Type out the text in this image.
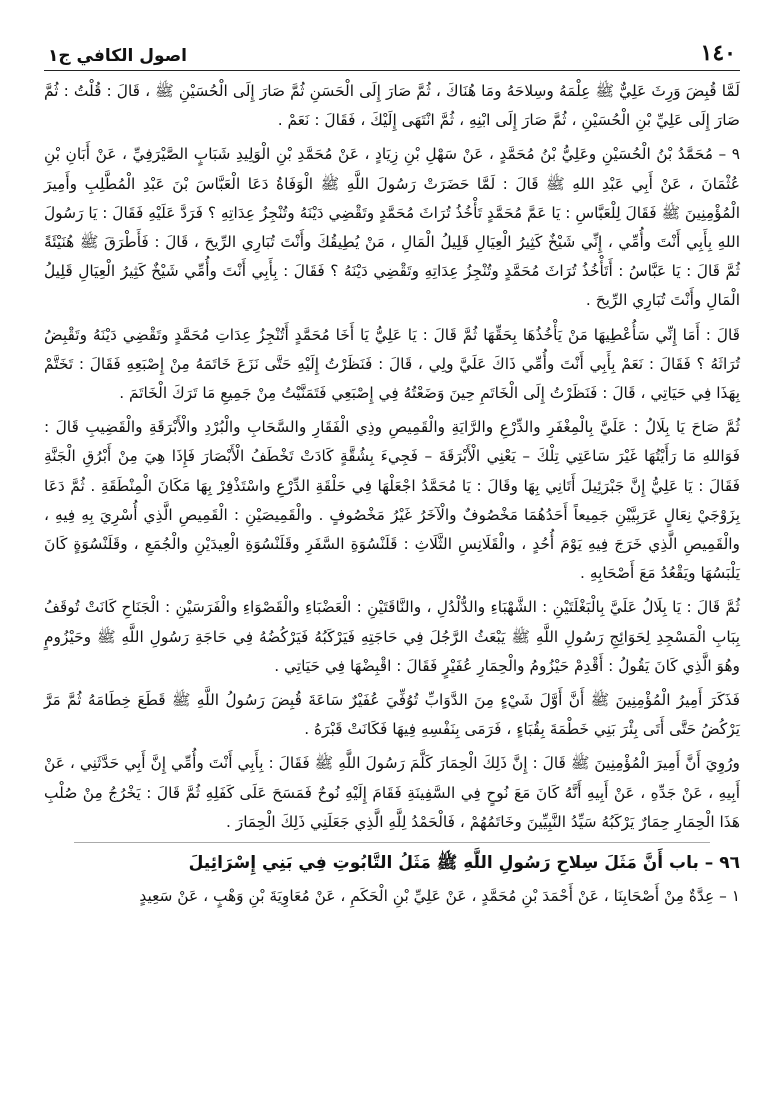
١٤٠
اصول الكافي ج١

لَمَّا قُبِضَ وَرِثَ عَلِيٌّ ﷺ عِلْمَهُ وسِلاحَهُ ومَا هُنَاكَ ، ثُمَّ صَارَ إِلَى الْحَسَنِ ثُمَّ صَارَ إِلَى الْحُسَيْنِ ﷺ ، قَالَ : قُلْتُ : ثُمَّ صَارَ إِلَى عَلِيِّ بْنِ الْحُسَيْنِ ، ثُمَّ صَارَ إِلَى ابْنِهِ ، ثُمَّ انْتَهَى إِلَيْكَ ، فَقَالَ : نَعَمْ .

٩ – مُحَمَّدُ بْنُ الْحُسَيْنِ وعَلِيُّ بْنُ مُحَمَّدٍ ، عَنْ سَهْلِ بْنِ زِيَادٍ ، عَنْ مُحَمَّدِ بْنِ الْوَلِيدِ شَبَابٍ الصَّيْرَفِيِّ ، عَنْ أَبَانِ بْنِ عُثْمَانَ ، عَنْ أَبِي عَبْدِ اللهِ ﷺ قَالَ : لَمَّا حَضَرَتْ رَسُولَ اللَّهِ ﷺ الْوَفَاةُ دَعَا الْعَبَّاسَ بْنَ عَبْدِ الْمُطَّلِبِ وأَمِيرَ الْمُؤْمِنِينَ ﷺ فَقَالَ لِلْعَبَّاسِ : يَا عَمَّ مُحَمَّدٍ تَأْخُذُ تُرَاثَ مُحَمَّدٍ وتَقْضِي دَيْنَهُ وتُنْجِزُ عِدَاتِهِ ؟ فَرَدَّ عَلَيْهِ فَقَالَ : يَا رَسُولَ اللهِ بِأَبِي أَنْتَ وأُمِّي ، إِنِّي شَيْخٌ كَثِيرُ الْعِيَالِ قَلِيلُ الْمَالِ ، مَنْ يُطِيقُكَ وأَنْتَ تُبَارِي الرِّيحَ ، قَالَ : فَأَطْرَقَ ﷺ هُنَيْئَةً ثُمَّ قَالَ : يَا عَبَّاسُ : أَتَأْخُذُ تُرَاثَ مُحَمَّدٍ وتُنْجِزُ عِدَاتِهِ وتَقْضِي دَيْنَهُ ؟ فَقَالَ : بِأَبِي أَنْتَ وأُمِّي شَيْخٌ كَثِيرُ الْعِيَالِ قَلِيلُ الْمَالِ وأَنْتَ تُبَارِي الرِّيحَ .

قَالَ : أَمَا إِنِّي سَأُعْطِيهَا مَنْ يَأْخُذُهَا بِحَقِّهَا ثُمَّ قَالَ : يَا عَلِيُّ يَا أَخَا مُحَمَّدٍ أَتُنْجِزُ عِدَاتِ مُحَمَّدٍ وتَقْضِي دَيْنَهُ وتَقْبِضُ تُرَاثَهُ ؟ فَقَالَ : نَعَمْ بِأَبِي أَنْتَ وأُمِّي ذَاكَ عَلَيَّ ولِي ، قَالَ : فَنَظَرْتُ إِلَيْهِ حَتَّى نَزَعَ خَاتَمَهُ مِنْ إِصْبَعِهِ فَقَالَ : تَخَتَّمْ بِهَذَا فِي حَيَاتِي ، قَالَ : فَنَظَرْتُ إِلَى الْخَاتَمِ حِينَ وَضَعْتُهُ فِي إِصْبَعِي فَتَمَنَّيْتُ مِنْ جَمِيعِ مَا تَرَكَ الْخَاتَمَ .

ثُمَّ صَاحَ يَا بِلَالُ : عَلَيَّ بِالْمِغْفَرِ والدِّرْعِ والرَّايَةِ والْقَمِيصِ وذِي الْفَقَارِ والسَّحَابِ والْبُرْدِ والْأَبْرَقَةِ والْقَضِيبِ قَالَ : فَوَاللهِ مَا رَأَيْتُهَا غَيْرَ سَاعَتِي تِلْكَ – يَعْنِي الْأَبْرَقَةَ – فَجِيءَ بِشُقَّةٍ كَادَتْ تَخْطَفُ الْأَبْصَارَ فَإِذَا هِيَ مِنْ أَبْرُقِ الْجَنَّةِ فَقَالَ : يَا عَلِيُّ إِنَّ جَبْرَئِيلَ أَتَانِي بِهَا وقَالَ : يَا مُحَمَّدُ اجْعَلْهَا فِي حَلْقَةِ الدِّرْعِ واسْتَذْفِرْ بِهَا مَكَانَ الْمِنْطَقَةِ . ثُمَّ دَعَا بِزَوْجَيْ نِعَالٍ عَرَبِيَّيْنِ جَمِيعاً أَحَدُهُمَا مَخْصُوفٌ والْآخَرُ غَيْرُ مَخْصُوفٍ . والْقَمِيصَيْنِ : الْقَمِيصِ الَّذِي أُسْرِيَ بِهِ فِيهِ ، والْقَمِيصِ الَّذِي خَرَجَ فِيهِ يَوْمَ أُحُدٍ ، والْقَلَانِسِ الثَّلَاثِ : قَلَنْسُوَةِ السَّفَرِ وقَلَنْسُوَةِ الْعِيدَيْنِ والْجُمَعِ ، وقَلَنْسُوَةٍ كَانَ يَلْبَسُهَا ويَقْعُدُ مَعَ أَصْحَابِهِ .

ثُمَّ قَالَ : يَا بِلَالُ عَلَيَّ بِالْبَغْلَتَيْنِ : الشَّهْبَاءِ والدُّلْدُلِ ، والنَّاقَتَيْنِ : الْعَضْبَاءِ والْقَصْوَاءِ والْفَرَسَيْنِ : الْجَنَاحِ كَانَتْ تُوقَفُ بِبَابِ الْمَسْجِدِ لِحَوَائِجِ رَسُولِ اللَّهِ ﷺ يَبْعَثُ الرَّجُلَ فِي حَاجَتِهِ فَيَرْكَبُهُ فَيَرْكُضُهُ فِي حَاجَةِ رَسُولِ اللَّهِ ﷺ وحَيْزُومٍ وهُوَ الَّذِي كَانَ يَقُولُ : أَقْدِمْ حَيْزُومُ والْحِمَارِ عُفَيْرٍ فَقَالَ : اقْبِضْهَا فِي حَيَاتِي .

فَذَكَرَ أَمِيرُ الْمُؤْمِنِينَ ﷺ أَنَّ أَوَّلَ شَيْءٍ مِنَ الدَّوَابِّ تُوُفِّيَ عُفَيْرٌ سَاعَةَ قُبِضَ رَسُولُ اللَّهِ ﷺ قَطَعَ خِطَامَهُ ثُمَّ مَرَّ يَرْكُضُ حَتَّى أَتَى بِئْرَ بَنِي خَطْمَةَ بِقُبَاءٍ ، فَرَمَى بِنَفْسِهِ فِيهَا فَكَانَتْ قَبْرَهُ .

ورُوِيَ أَنَّ أَمِيرَ الْمُؤْمِنِينَ ﷺ قَالَ : إِنَّ ذَلِكَ الْحِمَارَ كَلَّمَ رَسُولَ اللَّهِ ﷺ فَقَالَ : بِأَبِي أَنْتَ وأُمِّي إِنَّ أَبِي حَدَّثَنِي ، عَنْ أَبِيهِ ، عَنْ جَدِّهِ ، عَنْ أَبِيهِ أَنَّهُ كَانَ مَعَ نُوحٍ فِي السَّفِينَةِ فَقَامَ إِلَيْهِ نُوحٌ فَمَسَحَ عَلَى كَفَلِهِ ثُمَّ قَالَ : يَخْرُجُ مِنْ صُلْبِ هَذَا الْحِمَارِ حِمَارٌ يَرْكَبُهُ سَيِّدُ النَّبِيِّينَ وخَاتَمُهُمْ ، فَالْحَمْدُ لِلَّهِ الَّذِي جَعَلَنِي ذَلِكَ الْحِمَارَ .

٩٦ – باب أَنَّ مَثَلَ سِلاحِ رَسُولِ اللَّهِ ﷺ مَثَلُ التَّابُوتِ فِي بَنِي إِسْرَائِيلَ

١ – عِدَّةٌ مِنْ أَصْحَابِنَا ، عَنْ أَحْمَدَ بْنِ مُحَمَّدٍ ، عَنْ عَلِيِّ بْنِ الْحَكَمِ ، عَنْ مُعَاوِيَةَ بْنِ وَهْبٍ ، عَنْ سَعِيدٍ
